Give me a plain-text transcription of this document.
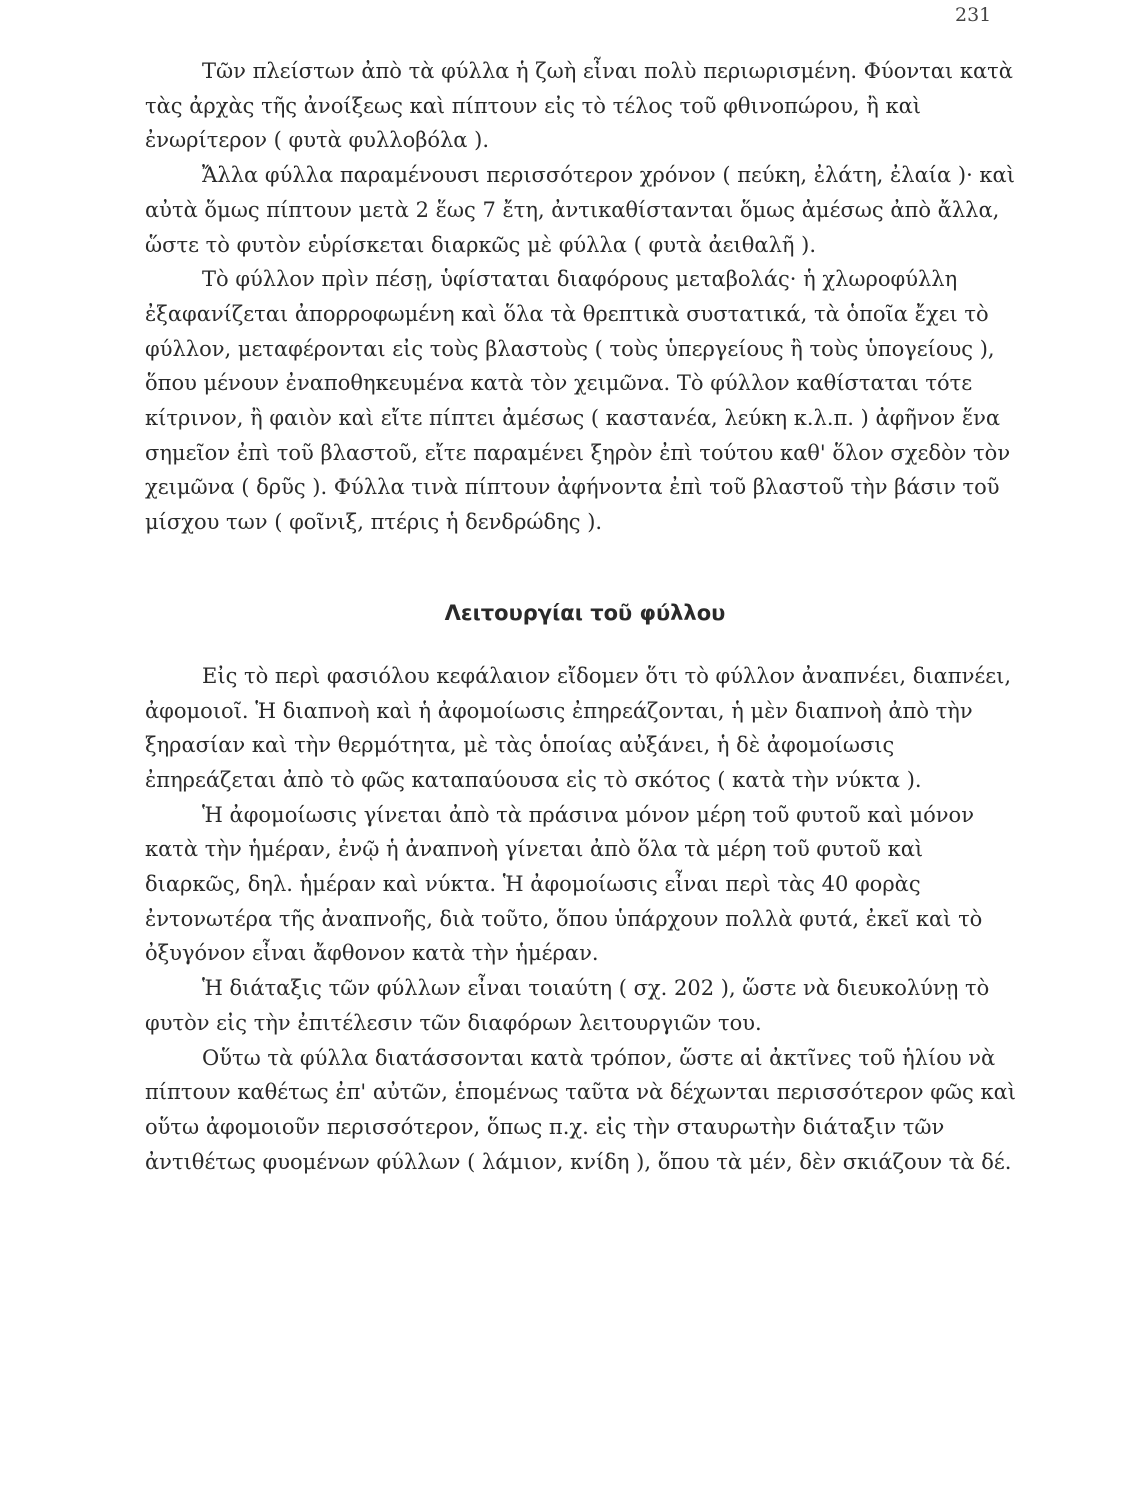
231

Τῶν πλείστων ἀπὸ τὰ φύλλα ἡ ζωὴ εἶναι πολὺ περιωρισμένη. Φύονται κατὰ τὰς ἀρχὰς τῆς ἀνοίξεως καὶ πίπτουν εἰς τὸ τέλος τοῦ φθινοπώρου, ἢ καὶ ἐνωρίτερον ( φυτὰ φυλλοβόλα ).

Ἄλλα φύλλα παραμένουσι περισσότερον χρόνον ( πεύκη, ἐλάτη, ἐλαία )· καὶ αὐτὰ ὅμως πίπτουν μετὰ 2 ἕως 7 ἔτη, ἀντικαθίστανται ὅμως ἀμέσως ἀπὸ ἄλλα, ὥστε τὸ φυτὸν εὑρίσκεται διαρκῶς μὲ φύλλα ( φυτὰ ἀειθαλῆ ).

Τὸ φύλλον πρὶν πέσῃ, ὑφίσταται διαφόρους μεταβολάς· ἡ χλωροφύλλη ἐξαφανίζεται ἀπορροφωμένη καὶ ὅλα τὰ θρεπτικὰ συστατικά, τὰ ὁποῖα ἔχει τὸ φύλλον, μεταφέρονται εἰς τοὺς βλαστοὺς ( τοὺς ὑπεργείους ἢ τοὺς ὑπογείους ), ὅπου μένουν ἐναποθηκευμένα κατὰ τὸν χειμῶνα. Τὸ φύλλον καθίσταται τότε κίτρινον, ἢ φαιὸν καὶ εἴτε πίπτει ἀμέσως ( καστανέα, λεύκη κ.λ.π. ) ἀφῆνον ἕνα σημεῖον ἐπὶ τοῦ βλαστοῦ, εἴτε παραμένει ξηρὸν ἐπὶ τούτου καθ' ὅλον σχεδὸν τὸν χειμῶνα ( δρῦς ). Φύλλα τινὰ πίπτουν ἀφήνοντα ἐπὶ τοῦ βλαστοῦ τὴν βάσιν τοῦ μίσχου των ( φοῖνιξ, πτέρις ἡ δενδρώδης ).

Λειτουργίαι τοῦ φύλλου

Εἰς τὸ περὶ φασιόλου κεφάλαιον εἴδομεν ὅτι τὸ φύλλον ἀναπνέει, διαπνέει, ἀφομοιοῖ. Ἡ διαπνοὴ καὶ ἡ ἀφομοίωσις ἐπηρεάζονται, ἡ μὲν διαπνοὴ ἀπὸ τὴν ξηρασίαν καὶ τὴν θερμότητα, μὲ τὰς ὁποίας αὐξάνει, ἡ δὲ ἀφομοίωσις ἐπηρεάζεται ἀπὸ τὸ φῶς καταπαύουσα εἰς τὸ σκότος ( κατὰ τὴν νύκτα ).

Ἡ ἀφομοίωσις γίνεται ἀπὸ τὰ πράσινα μόνον μέρη τοῦ φυτοῦ καὶ μόνον κατὰ τὴν ἡμέραν, ἐνῷ ἡ ἀναπνοὴ γίνεται ἀπὸ ὅλα τὰ μέρη τοῦ φυτοῦ καὶ διαρκῶς, δηλ. ἡμέραν καὶ νύκτα. Ἡ ἀφομοίωσις εἶναι περὶ τὰς 40 φορὰς ἐντονωτέρα τῆς ἀναπνοῆς, διὰ τοῦτο, ὅπου ὑπάρχουν πολλὰ φυτά, ἐκεῖ καὶ τὸ ὀξυγόνον εἶναι ἄφθονον κατὰ τὴν ἡμέραν.

Ἡ διάταξις τῶν φύλλων εἶναι τοιαύτη ( σχ. 202 ), ὥστε νὰ διευκολύνῃ τὸ φυτὸν εἰς τὴν ἐπιτέλεσιν τῶν διαφόρων λειτουργιῶν του.

Οὕτω τὰ φύλλα διατάσσονται κατὰ τρόπον, ὥστε αἱ ἀκτῖνες τοῦ ἡλίου νὰ πίπτουν καθέτως ἐπ' αὐτῶν, ἑπομένως ταῦτα νὰ δέχωνται περισσότερον φῶς καὶ οὕτω ἀφομοιοῦν περισσότερον, ὅπως π.χ. εἰς τὴν σταυρωτὴν διάταξιν τῶν ἀντιθέτως φυομένων φύλλων ( λάμιον, κνίδη ), ὅπου τὰ μέν, δὲν σκιάζουν τὰ δέ.
